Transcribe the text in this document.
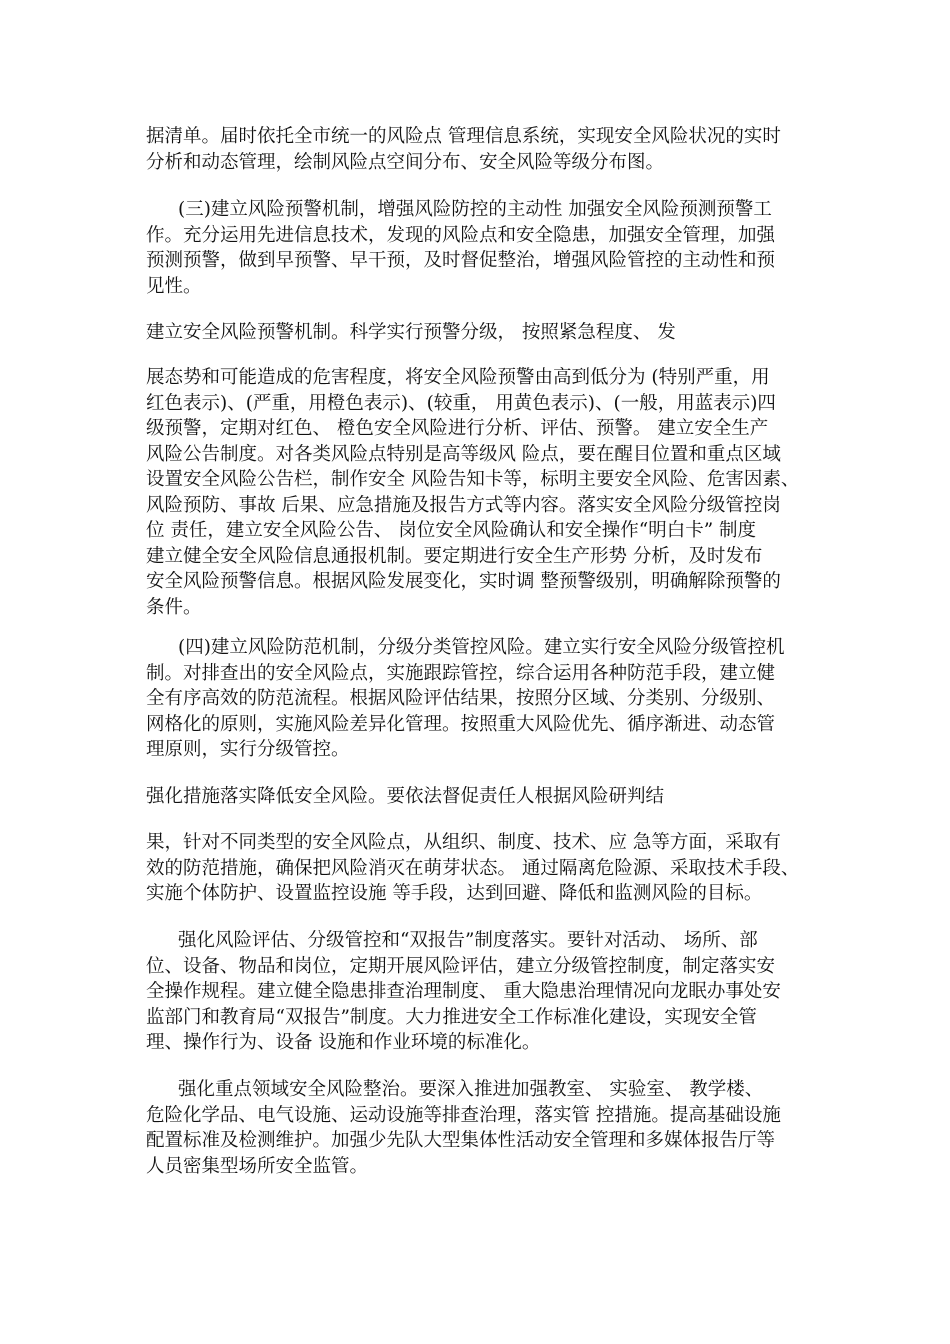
据清单。届时依托全市统一的风险点 管理信息系统，实现安全风险状况的实时
分析和动态管理，绘制风险点空间分布、安全风险等级分布图。
(三)建立风险预警机制，增强风险防控的主动性 加强安全风险预测预警工
作。充分运用先进信息技术，发现的风险点和安全隐患，加强安全管理，加强
预测预警，做到早预警、早干预，及时督促整治，增强风险管控的主动性和预
见性。
建立安全风险预警机制。科学实行预警分级， 按照紧急程度、 发
展态势和可能造成的危害程度，将安全风险预警由高到低分为 (特别严重，用
红色表示)、(严重，用橙色表示)、(较重， 用黄色表示)、(一般，用蓝表示)四
级预警，定期对红色、 橙色安全风险进行分析、评估、预警。 建立安全生产
风险公告制度。对各类风险点特别是高等级风 险点，要在醒目位置和重点区域
设置安全风险公告栏，制作安全 风险告知卡等，标明主要安全风险、危害因素、
风险预防、事故 后果、应急措施及报告方式等内容。落实安全风险分级管控岗
位 责任，建立安全风险公告、 岗位安全风险确认和安全操作“明白卡” 制度
建立健全安全风险信息通报机制。要定期进行安全生产形势 分析，及时发布
安全风险预警信息。根据风险发展变化，实时调 整预警级别，明确解除预警的
条件。
(四)建立风险防范机制，分级分类管控风险。建立实行安全风险分级管控机
制。对排查出的安全风险点，实施跟踪管控，综合运用各种防范手段，建立健
全有序高效的防范流程。根据风险评估结果，按照分区域、分类别、分级别、
网格化的原则，实施风险差异化管理。按照重大风险优先、循序渐进、动态管
理原则，实行分级管控。
强化措施落实降低安全风险。要依法督促责任人根据风险研判结
果，针对不同类型的安全风险点，从组织、制度、技术、应 急等方面，采取有
效的防范措施，确保把风险消灭在萌芽状态。 通过隔离危险源、采取技术手段、
实施个体防护、设置监控设施 等手段，达到回避、降低和监测风险的目标。
强化风险评估、分级管控和“双报告”制度落实。要针对活动、 场所、部
位、设备、物品和岗位，定期开展风险评估，建立分级管控制度，制定落实安
全操作规程。建立健全隐患排查治理制度、 重大隐患治理情况向龙眠办事处安
监部门和教育局“双报告”制度。大力推进安全工作标准化建设，实现安全管
理、操作行为、设备 设施和作业环境的标准化。
强化重点领域安全风险整治。要深入推进加强教室、 实验室、 教学楼、
危险化学品、电气设施、运动设施等排查治理，落实管 控措施。提高基础设施
配置标准及检测维护。加强少先队大型集体性活动安全管理和多媒体报告厅等
人员密集型场所安全监管。
